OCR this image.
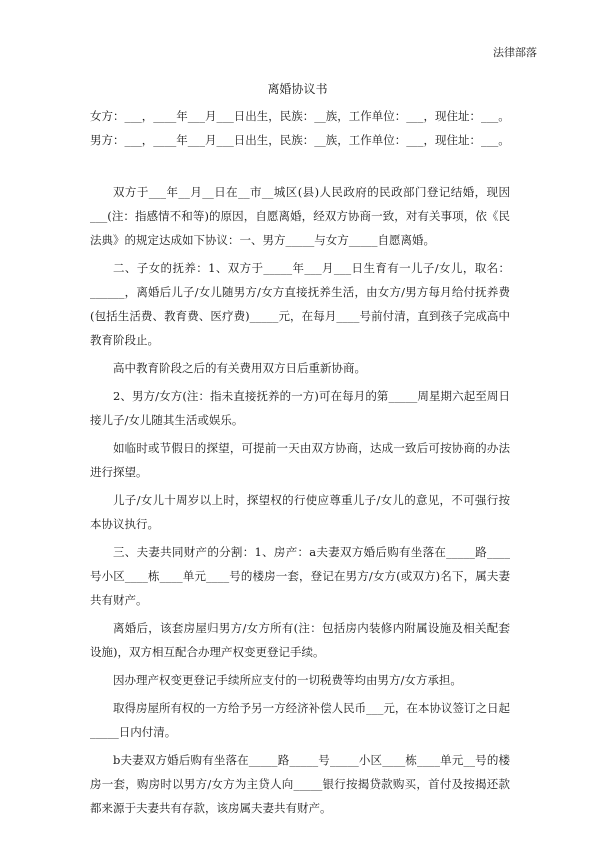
法律部落
离婚协议书

女方：___，____年___月___日出生，民族：__族，工作单位：___，现住址：___。

男方：___，____年___月___日出生，民族：__族，工作单位：___，现住址：___。

双方于___年__月__日在__市__城区(县)人民政府的民政部门登记结婚，现因___(注：指感情不和等)的原因，自愿离婚，经双方协商一致，对有关事项，依《民法典》的规定达成如下协议：一、男方_____与女方_____自愿离婚。

二、子女的抚养：1、双方于_____年___月___日生育有一儿子/女儿，取名：______，离婚后儿子/女儿随男方/女方直接抚养生活，由女方/男方每月给付抚养费(包括生活费、教育费、医疗费)_____元，在每月____号前付清，直到孩子完成高中教育阶段止。

高中教育阶段之后的有关费用双方日后重新协商。

2、男方/女方(注：指未直接抚养的一方)可在每月的第_____周星期六起至周日接儿子/女儿随其生活或娱乐。

如临时或节假日的探望，可提前一天由双方协商，达成一致后可按协商的办法进行探望。

儿子/女儿十周岁以上时，探望权的行使应尊重儿子/女儿的意见，不可强行按本协议执行。

三、夫妻共同财产的分割：1、房产：a夫妻双方婚后购有坐落在_____路____号小区____栋____单元____号的楼房一套，登记在男方/女方(或双方)名下，属夫妻共有财产。

离婚后，该套房屋归男方/女方所有(注：包括房内装修内附属设施及相关配套设施)，双方相互配合办理产权变更登记手续。

因办理产权变更登记手续所应支付的一切税费等均由男方/女方承担。

取得房屋所有权的一方给予另一方经济补偿人民币___元，在本协议签订之日起_____日内付清。

b夫妻双方婚后购有坐落在_____路_____号_____小区____栋____单元__号的楼房一套，购房时以男方/女方为主贷人向_____银行按揭贷款购买，首付及按揭还款都来源于夫妻共有存款，该房属夫妻共有财产。
